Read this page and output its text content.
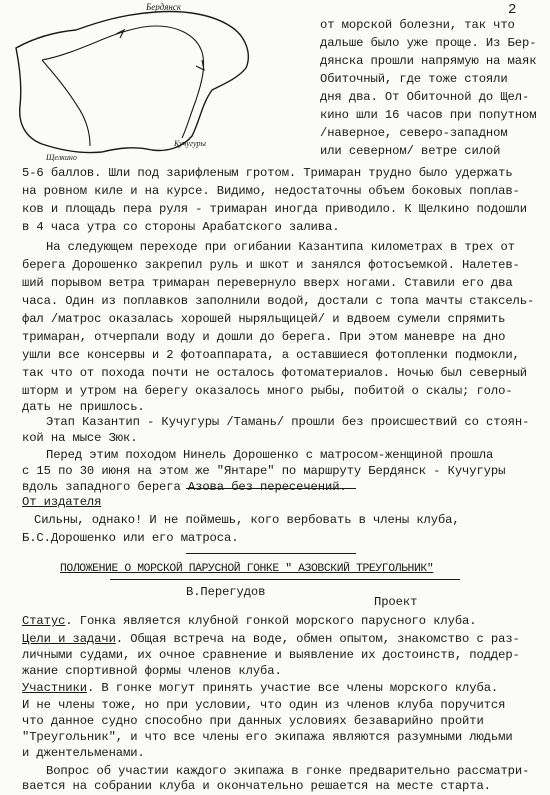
2
Бердянск
Щелкино
Кучугуры
от морской болезни, так что
дальше было уже проще. Из Бер-
дянска прошли напрямую на маяк
Обиточный, где тоже стояли
дня два. От Обиточной до Щел-
кино шли 16 часов при попутном
/наверное, северо-западном
или северном/ ветре силой
5-6 баллов. Шли под зарифленым гротом. Тримаран трудно было удержать
на ровном киле и на курсе. Видимо, недостаточны объем боковых поплав-
ков и площадь пера руля - тримаран иногда приводило. К Щелкино подошли
в 4 часа утра со стороны Арабатского залива.
На следующем переходе при огибании Казантипа километрах в трех от
берега Дорошенко закрепил руль и шкот и занялся фотосъемкой. Налетев-
ший порывом ветра тримаран перевернуло вверх ногами. Ставили его два
часа. Один из поплавков заполнили водой, достали с топа мачты стаксель-
фал /матрос оказалась хорошей ныряльщицей/ и вдвоем сумели спрямить
тримаран, отчерпали воду и дошли до берега. При этом маневре на дно
ушли все консервы и 2 фотоаппарата, а оставшиеся фотопленки подмокли,
так что от похода почти не осталось фотоматериалов. Ночью был северный
шторм и утром на берегу оказалось много рыбы, побитой о скалы; голо-
дать не пришлось.
Этап Казантип - Кучугуры /Тамань/ прошли без происшествий со стоян-
кой на мысе Зюк.
Перед этим походом Нинель Дорошенко с матросом-женщиной прошла
с 15 по 30 июня на этом же "Янтаре" по маршруту Бердянск - Кучугуры
вдоль западного берега Азова без пересечений.
От издателя
Сильны, однако! И не поймешь, кого вербовать в члены клуба,
Б.С.Дорошенко или его матроса.
ПОЛОЖЕНИЕ О МОРСКОЙ ПАРУСНОЙ ГОНКЕ " АЗОВСКИЙ ТРЕУГОЛЬНИК"
В.Перегудов
Проект
Статус. Гонка является клубной гонкой морского парусного клуба.
Цели и задачи. Общая встреча на воде, обмен опытом, знакомство с раз-
личными судами, их очное сравнение и выявление их достоинств, поддер-
жание спортивной формы членов клуба.
Участники. В гонке могут принять участие все члены морского клуба.
И не члены тоже, но при условии, что один из членов клуба поручится
что данное судно способно при данных условиях безаварийно пройти
"Треугольник", и что все члены его экипажа являются разумными людьми
и джентельменами.
Вопрос об участии каждого экипажа в гонке предварительно рассматри-
вается на собрании клуба и окончательно решается на месте старта.
